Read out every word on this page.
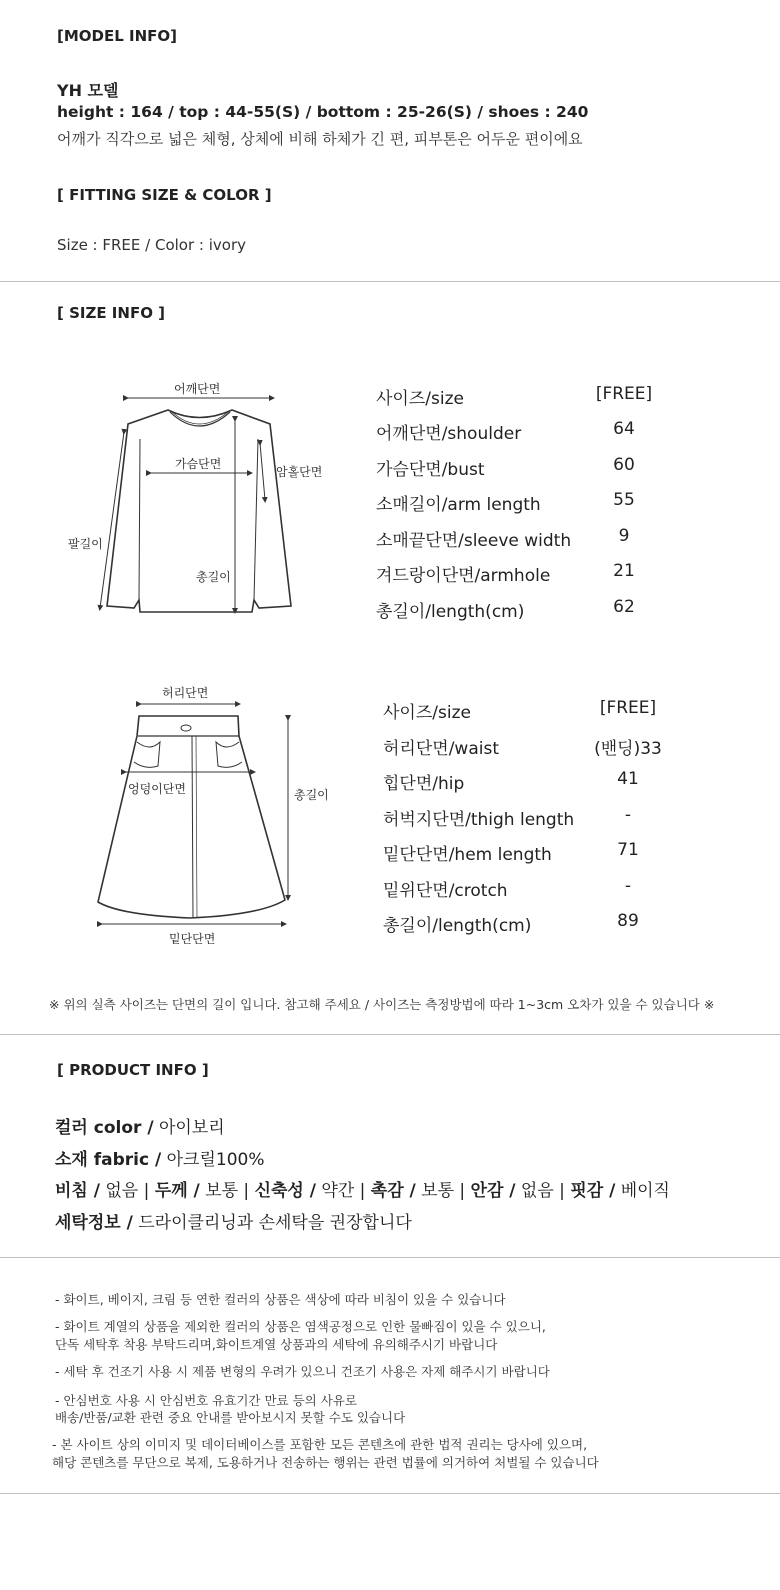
[MODEL INFO]
YH 모델
height : 164 / top : 44-55(S) / bottom : 25-26(S) / shoes : 240
어깨가 직각으로 넓은 체형, 상체에 비해 하체가 긴 편, 피부톤은 어두운 편이에요
[ FITTING SIZE & COLOR ]
Size : FREE / Color : ivory
[ SIZE INFO ]
어깨단면
가슴단면
암홀단면
팔길이
총길이
사이즈/size	[FREE]
어깨단면/shoulder	64
가슴단면/bust	60
소매길이/arm length	55
소매끝단면/sleeve width	9
겨드랑이단면/armhole	21
총길이/length(cm)	62
허리단면
엉덩이단면	총길이
밑단단면
사이즈/size	[FREE]
허리단면/waist	(밴딩)33
힙단면/hip	41
허벅지단면/thigh length	-
밑단단면/hem length	71
밑위단면/crotch	-
총길이/length(cm)	89
※ 위의 실측 사이즈는 단면의 길이 입니다. 참고해 주세요 / 사이즈는 측정방법에 따라 1~3cm 오차가 있을 수 있습니다 ※
[ PRODUCT INFO ]
컬러 color / 아이보리
소재 fabric / 아크릴100%
비침 / 없음 | 두께 / 보통 | 신축성 / 약간 | 촉감 / 보통 | 안감 / 없음 | 핏감 / 베이직
세탁정보 / 드라이클리닝과 손세탁을 권장합니다
- 화이트, 베이지, 크림 등 연한 컬러의 상품은 색상에 따라 비침이 있을 수 있습니다
- 화이트 계열의 상품을 제외한 컬러의 상품은 염색공정으로 인한 물빠짐이 있을 수 있으니,
단독 세탁후 착용 부탁드리며,화이트계열 상품과의 세탁에 유의해주시기 바랍니다
- 세탁 후 건조기 사용 시 제품 변형의 우려가 있으니 건조기 사용은 자제 해주시기 바랍니다
- 안심번호 사용 시 안심번호 유효기간 만료 등의 사유로
배송/반품/교환 관련 중요 안내를 받아보시지 못할 수도 있습니다
- 본 사이트 상의 이미지 및 데이터베이스를 포함한 모든 콘텐츠에 관한 법적 권리는 당사에 있으며,
해당 콘텐츠를 무단으로 복제, 도용하거나 전송하는 행위는 관련 법률에 의거하여 처벌될 수 있습니다
